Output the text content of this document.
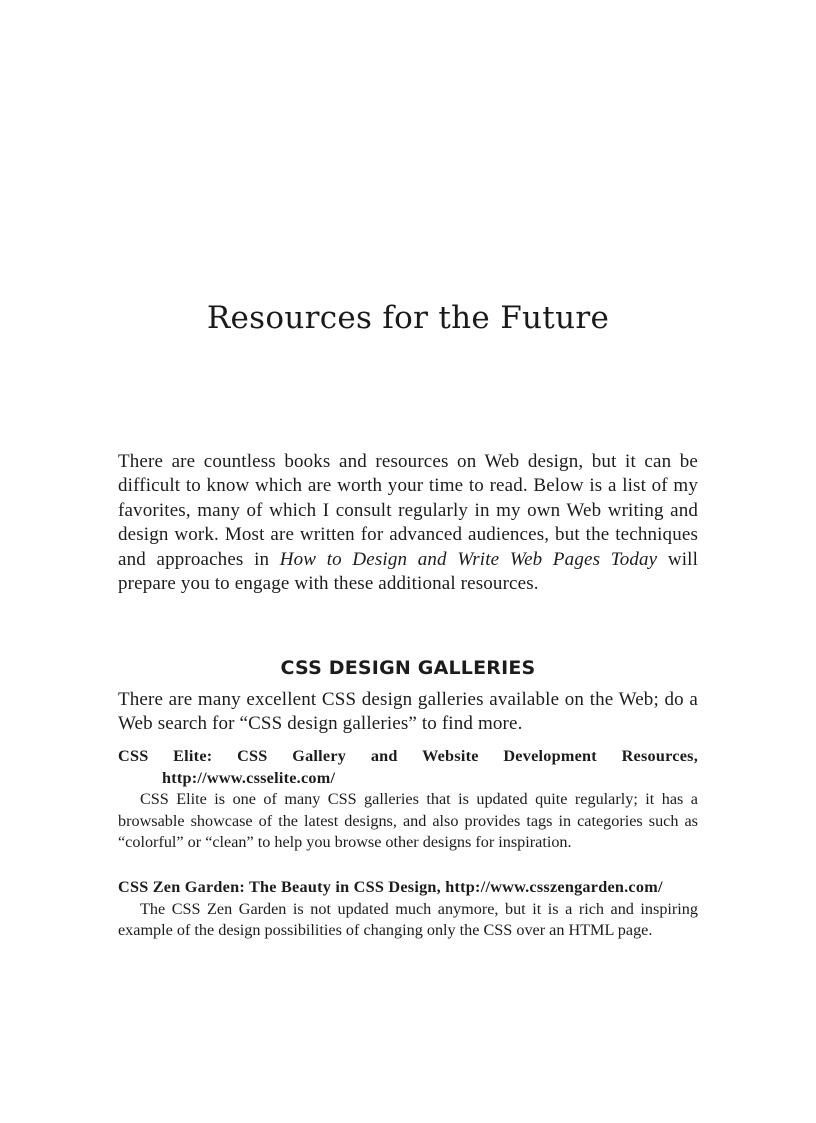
Resources for the Future

There are countless books and resources on Web design, but it can be difficult to know which are worth your time to read. Below is a list of my favorites, many of which I consult regularly in my own Web writing and design work. Most are written for advanced audiences, but the techniques and approaches in How to Design and Write Web Pages Today will prepare you to engage with these additional resources.

CSS DESIGN GALLERIES

There are many excellent CSS design galleries available on the Web; do a Web search for “CSS design galleries” to find more.

CSS Elite: CSS Gallery and Website Development Resources, http://www.csselite.com/

CSS Elite is one of many CSS galleries that is updated quite regularly; it has a browsable showcase of the latest designs, and also provides tags in categories such as “colorful” or “clean” to help you browse other designs for inspiration.

CSS Zen Garden: The Beauty in CSS Design, http://www.csszengarden.com/

The CSS Zen Garden is not updated much anymore, but it is a rich and inspiring example of the design possibilities of changing only the CSS over an HTML page.
